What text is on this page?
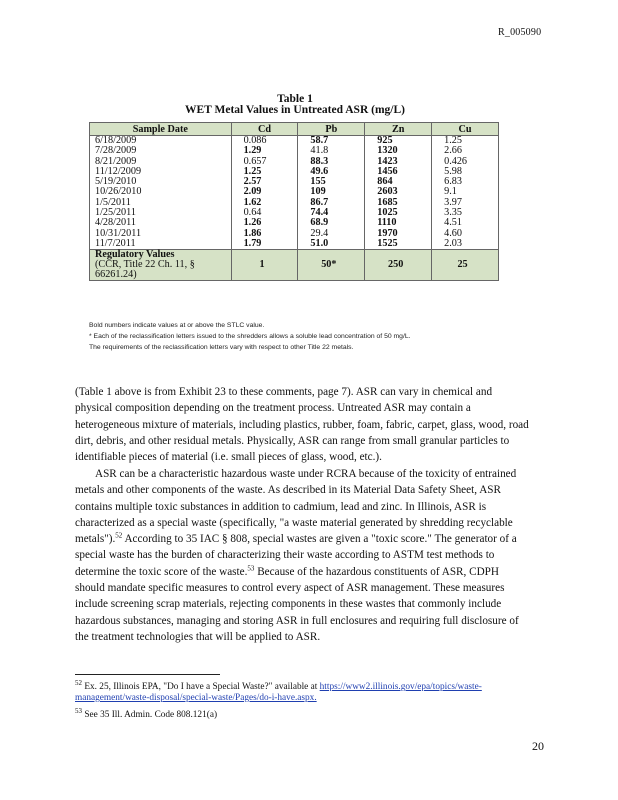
R_005090
Table 1
WET Metal Values in Untreated ASR (mg/L)
Sample Date	Cd	Pb	Zn	Cu
6/18/2009	0.086	58.7	925	1.25
7/28/2009	1.29	41.8	1320	2.66
8/21/2009	0.657	88.3	1423	0.426
11/12/2009	1.25	49.6	1456	5.98
5/19/2010	2.57	155	864	6.83
10/26/2010	2.09	109	2603	9.1
1/5/2011	1.62	86.7	1685	3.97
1/25/2011	0.64	74.4	1025	3.35
4/28/2011	1.26	68.9	1110	4.51
10/31/2011	1.86	29.4	1970	4.60
11/7/2011	1.79	51.0	1525	2.03

Regulatory Values
(CCR, Title 22 Ch. 11, § 66261.24)	1	50*	250	25
Bold numbers indicate values at or above the STLC value.
* Each of the reclassification letters issued to the shredders allows a soluble lead concentration of 50 mg/L.
The requirements of the reclassification letters vary with respect to other Title 22 metals.
(Table 1 above is from Exhibit 23 to these comments, page 7). ASR can vary in chemical and physical composition depending on the treatment process. Untreated ASR may contain a heterogeneous mixture of materials, including plastics, rubber, foam, fabric, carpet, glass, wood, road dirt, debris, and other residual metals. Physically, ASR can range from small granular particles to identifiable pieces of material (i.e. small pieces of glass, wood, etc.).
ASR can be a characteristic hazardous waste under RCRA because of the toxicity of entrained metals and other components of the waste. As described in its Material Data Safety Sheet, ASR contains multiple toxic substances in addition to cadmium, lead and zinc. In Illinois, ASR is characterized as a special waste (specifically, "a waste material generated by shredding recyclable metals").$^{52}$ According to 35 IAC § 808, special wastes are given a "toxic score." The generator of a special waste has the burden of characterizing their waste according to ASTM test methods to determine the toxic score of the waste.$^{53}$ Because of the hazardous constituents of ASR, CDPH should mandate specific measures to control every aspect of ASR management. These measures include screening scrap materials, rejecting components in these wastes that commonly include hazardous substances, managing and storing ASR in full enclosures and requiring full disclosure of the treatment technologies that will be applied to ASR.
$^{52}$ Ex. 25, Illinois EPA, "Do I have a Special Waste?" available at https://www2.illinois.gov/epa/topics/waste-management/waste-disposal/special-waste/Pages/do-i-have.aspx.
$^{53}$ See 35 Ill. Admin. Code 808.121(a)
20
